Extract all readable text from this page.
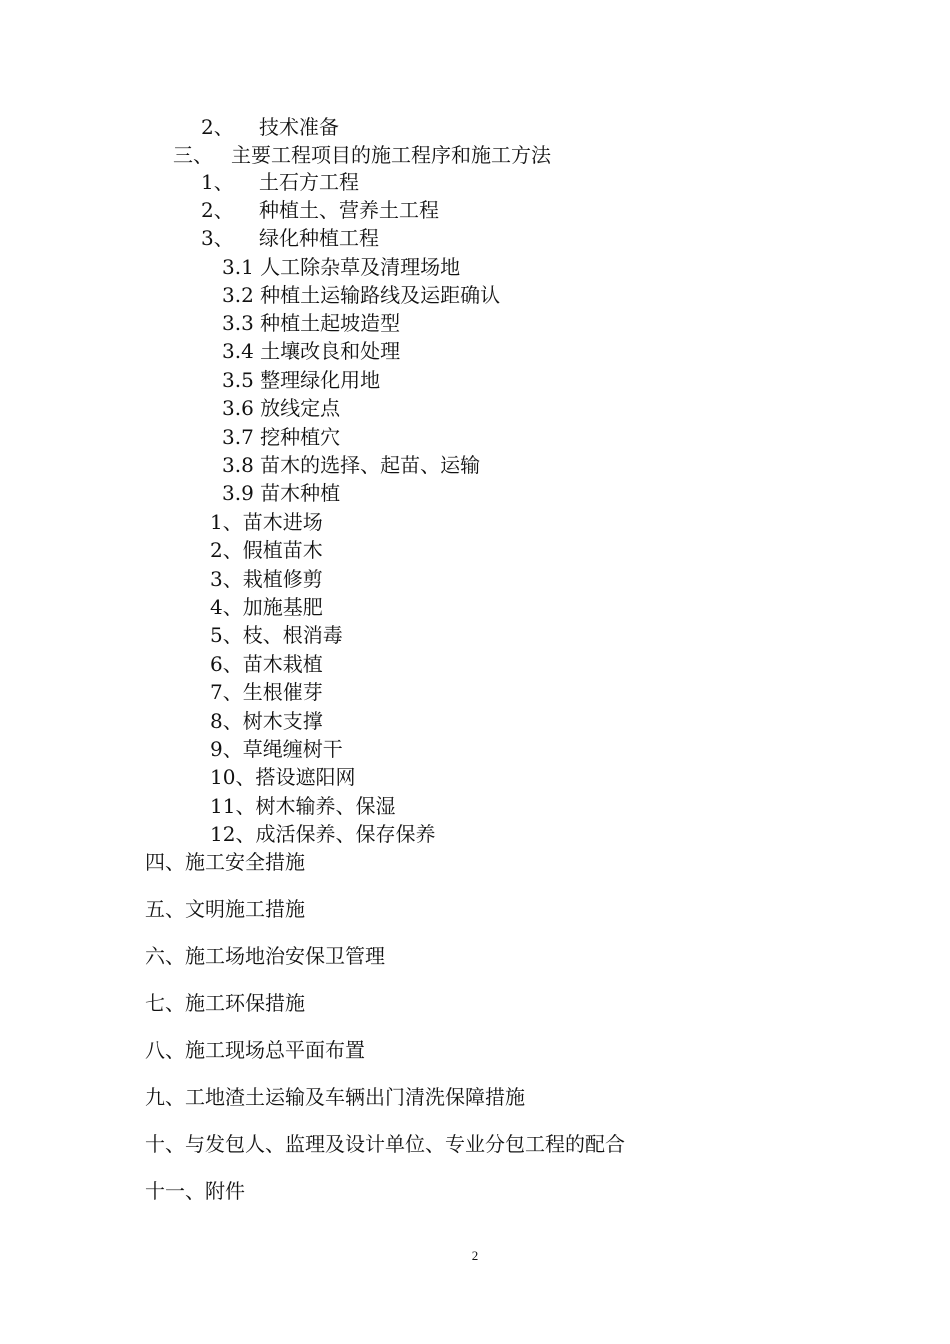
2、 技术准备
三、 主要工程项目的施工程序和施工方法
1、 土石方工程
2、 种植土、营养土工程
3、 绿化种植工程
3.1 人工除杂草及清理场地
3.2 种植土运输路线及运距确认
3.3 种植土起坡造型
3.4 土壤改良和处理
3.5 整理绿化用地
3.6 放线定点
3.7 挖种植穴
3.8 苗木的选择、起苗、运输
3.9 苗木种植
1、苗木进场
2、假植苗木
3、栽植修剪
4、加施基肥
5、枝、根消毒
6、苗木栽植
7、生根催芽
8、树木支撑
9、草绳缠树干
10、搭设遮阳网
11、树木输养、保湿
12、成活保养、保存保养
四、施工安全措施
五、文明施工措施
六、施工场地治安保卫管理
七、施工环保措施
八、施工现场总平面布置
九、工地渣土运输及车辆出门清洗保障措施
十、与发包人、监理及设计单位、专业分包工程的配合
十一、附件
2
